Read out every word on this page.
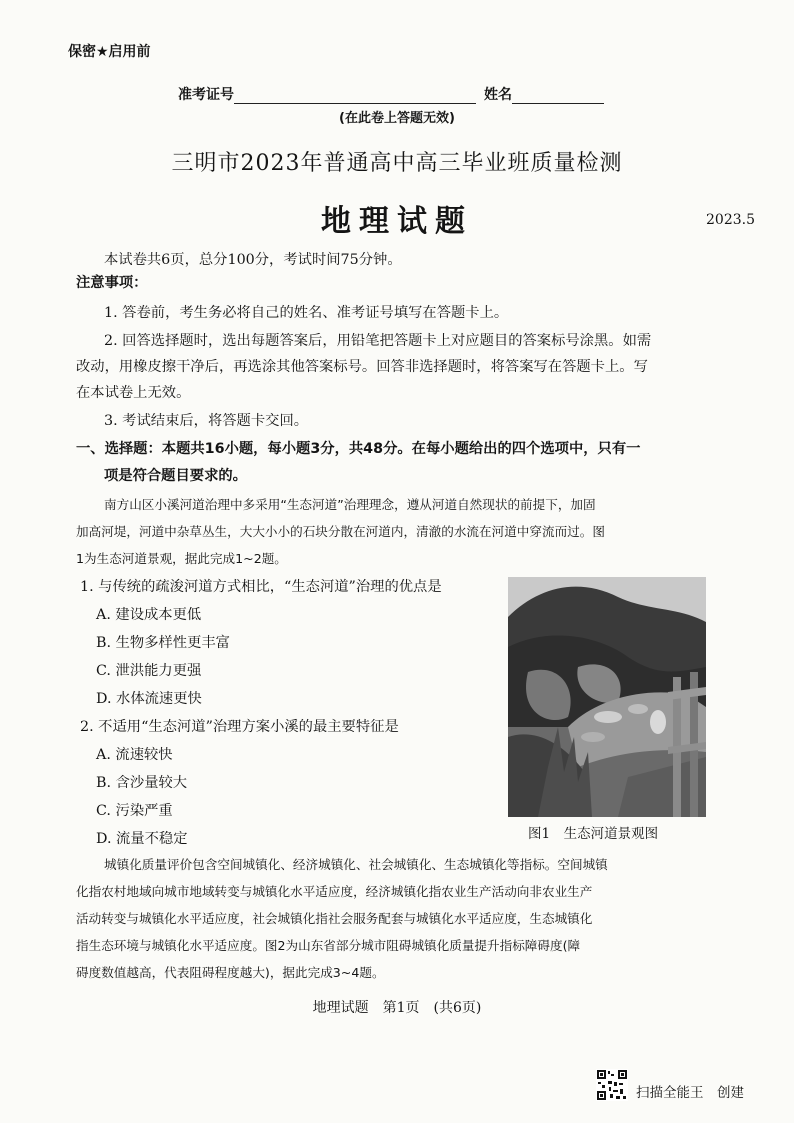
保密★启用前
准考证号	姓名
(在此卷上答题无效)
三明市2023年普通高中高三毕业班质量检测
地理试题	2023.5
本试卷共6页，总分100分，考试时间75分钟。
注意事项：
1. 答卷前，考生务必将自己的姓名、准考证号填写在答题卡上。
2. 回答选择题时，选出每题答案后，用铅笔把答题卡上对应题目的答案标号涂黑。如需
改动，用橡皮擦干净后，再选涂其他答案标号。回答非选择题时，将答案写在答题卡上。写
在本试卷上无效。
3. 考试结束后，将答题卡交回。
一、选择题：本题共16小题，每小题3分，共48分。在每小题给出的四个选项中，只有一
项是符合题目要求的。
南方山区小溪河道治理中多采用“生态河道”治理理念，遵从河道自然现状的前提下，加固
加高河堤，河道中杂草丛生，大大小小的石块分散在河道内，清澈的水流在河道中穿流而过。图
1为生态河道景观，据此完成1~2题。
1. 与传统的疏浚河道方式相比，“生态河道”治理的优点是
A. 建设成本更低
B. 生物多样性更丰富
C. 泄洪能力更强
D. 水体流速更快
2. 不适用“生态河道”治理方案小溪的最主要特征是
A. 流速较快
B. 含沙量较大
C. 污染严重
D. 流量不稳定	图1　生态河道景观图
城镇化质量评价包含空间城镇化、经济城镇化、社会城镇化、生态城镇化等指标。空间城镇
化指农村地域向城市地域转变与城镇化水平适应度，经济城镇化指农业生产活动向非农业生产
活动转变与城镇化水平适应度，社会城镇化指社会服务配套与城镇化水平适应度，生态城镇化
指生态环境与城镇化水平适应度。图2为山东省部分城市阻碍城镇化质量提升指标障碍度(障
碍度数值越高，代表阻碍程度越大)，据此完成3~4题。
地理试题　第1页　(共6页)
扫描全能王　创建
